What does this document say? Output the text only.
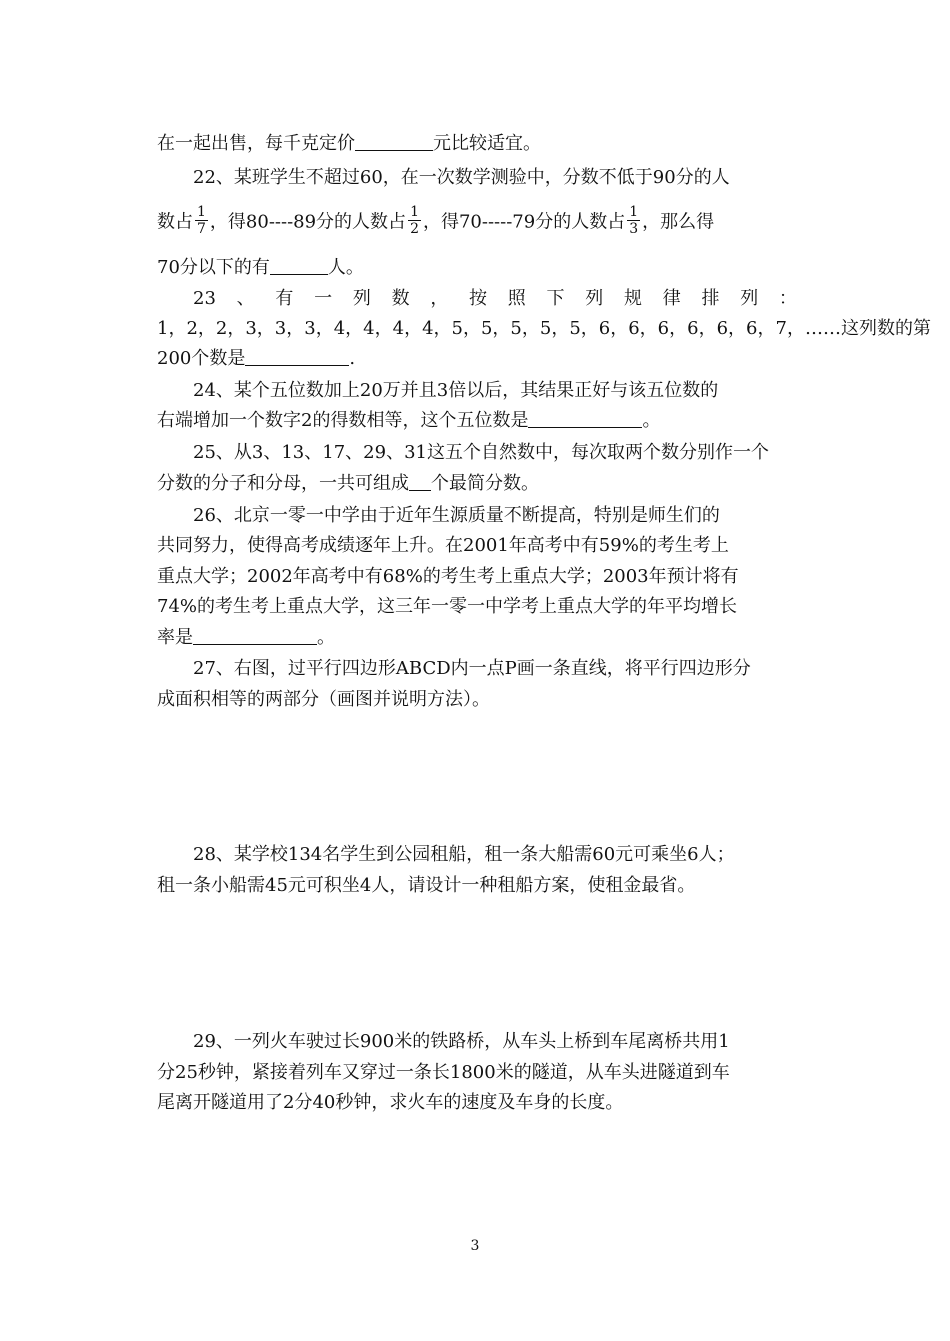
在一起出售，每千克定价	元比较适宜。
22、某班学生不超过60，在一次数学测验中，分数不低于90分的人
数占 $\frac{1}{7}$ ，得80----89分的人数占 $\frac{1}{2}$ ，得70-----79分的人数占 $\frac{1}{3}$ ，那么得
70分以下的有	人。
23 、 有 一 列 数 ， 按 照 下 列 规 律 排 列 ：
1，2，2，3，3，3，4，4，4，4，5，5，5，5，5，6，6，6，6，6，6，7，……这列数的第
200个数是	.
24、某个五位数加上20万并且3倍以后，其结果正好与该五位数的
右端增加一个数字2的得数相等，这个五位数是	。
25、从3、13、17、29、31这五个自然数中，每次取两个数分别作一个
分数的分子和分母，一共可组成 个最简分数。
26、北京一零一中学由于近年生源质量不断提高，特别是师生们的
共同努力，使得高考成绩逐年上升。在2001年高考中有59%的考生考上
重点大学；2002年高考中有68%的考生考上重点大学；2003年预计将有
74%的考生考上重点大学，这三年一零一中学考上重点大学的年平均增长
率是	。
27、右图，过平行四边形ABCD内一点P画一条直线，将平行四边形分
成面积相等的两部分（画图并说明方法）。
28、某学校134名学生到公园租船，租一条大船需60元可乘坐6人；
租一条小船需45元可积坐4人，请设计一种租船方案，使租金最省。
29、一列火车驶过长900米的铁路桥，从车头上桥到车尾离桥共用1
分25秒钟，紧接着列车又穿过一条长1800米的隧道，从车头进隧道到车
尾离开隧道用了2分40秒钟，求火车的速度及车身的长度。
3
